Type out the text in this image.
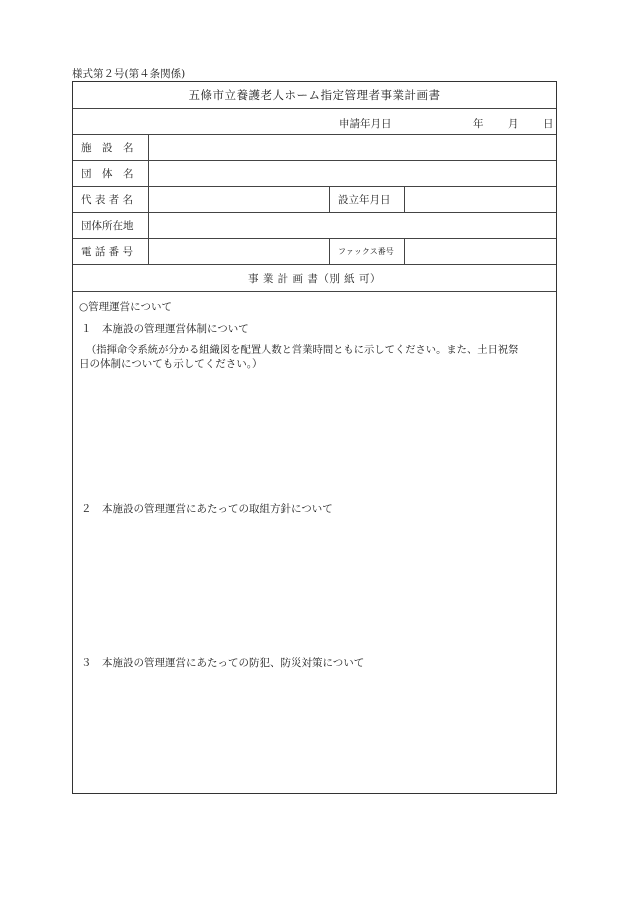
様式第２号(第４条関係)
五條市立養護老人ホーム指定管理者事業計画書
申請年月日	年 月 日
施　設　名
団　体　名
代 表 者 名	設立年月日
団体所在地
電 話 番 号	ファックス番号
事 業 計 画 書（別 紙 可）
○管理運営について
１　本施設の管理運営体制について
（指揮命令系統が分かる組織図を配置人数と営業時間ともに示してください。また、土日祝祭
日の体制についても示してください。）
２　本施設の管理運営にあたっての取組方針について
３　本施設の管理運営にあたっての防犯、防災対策について
